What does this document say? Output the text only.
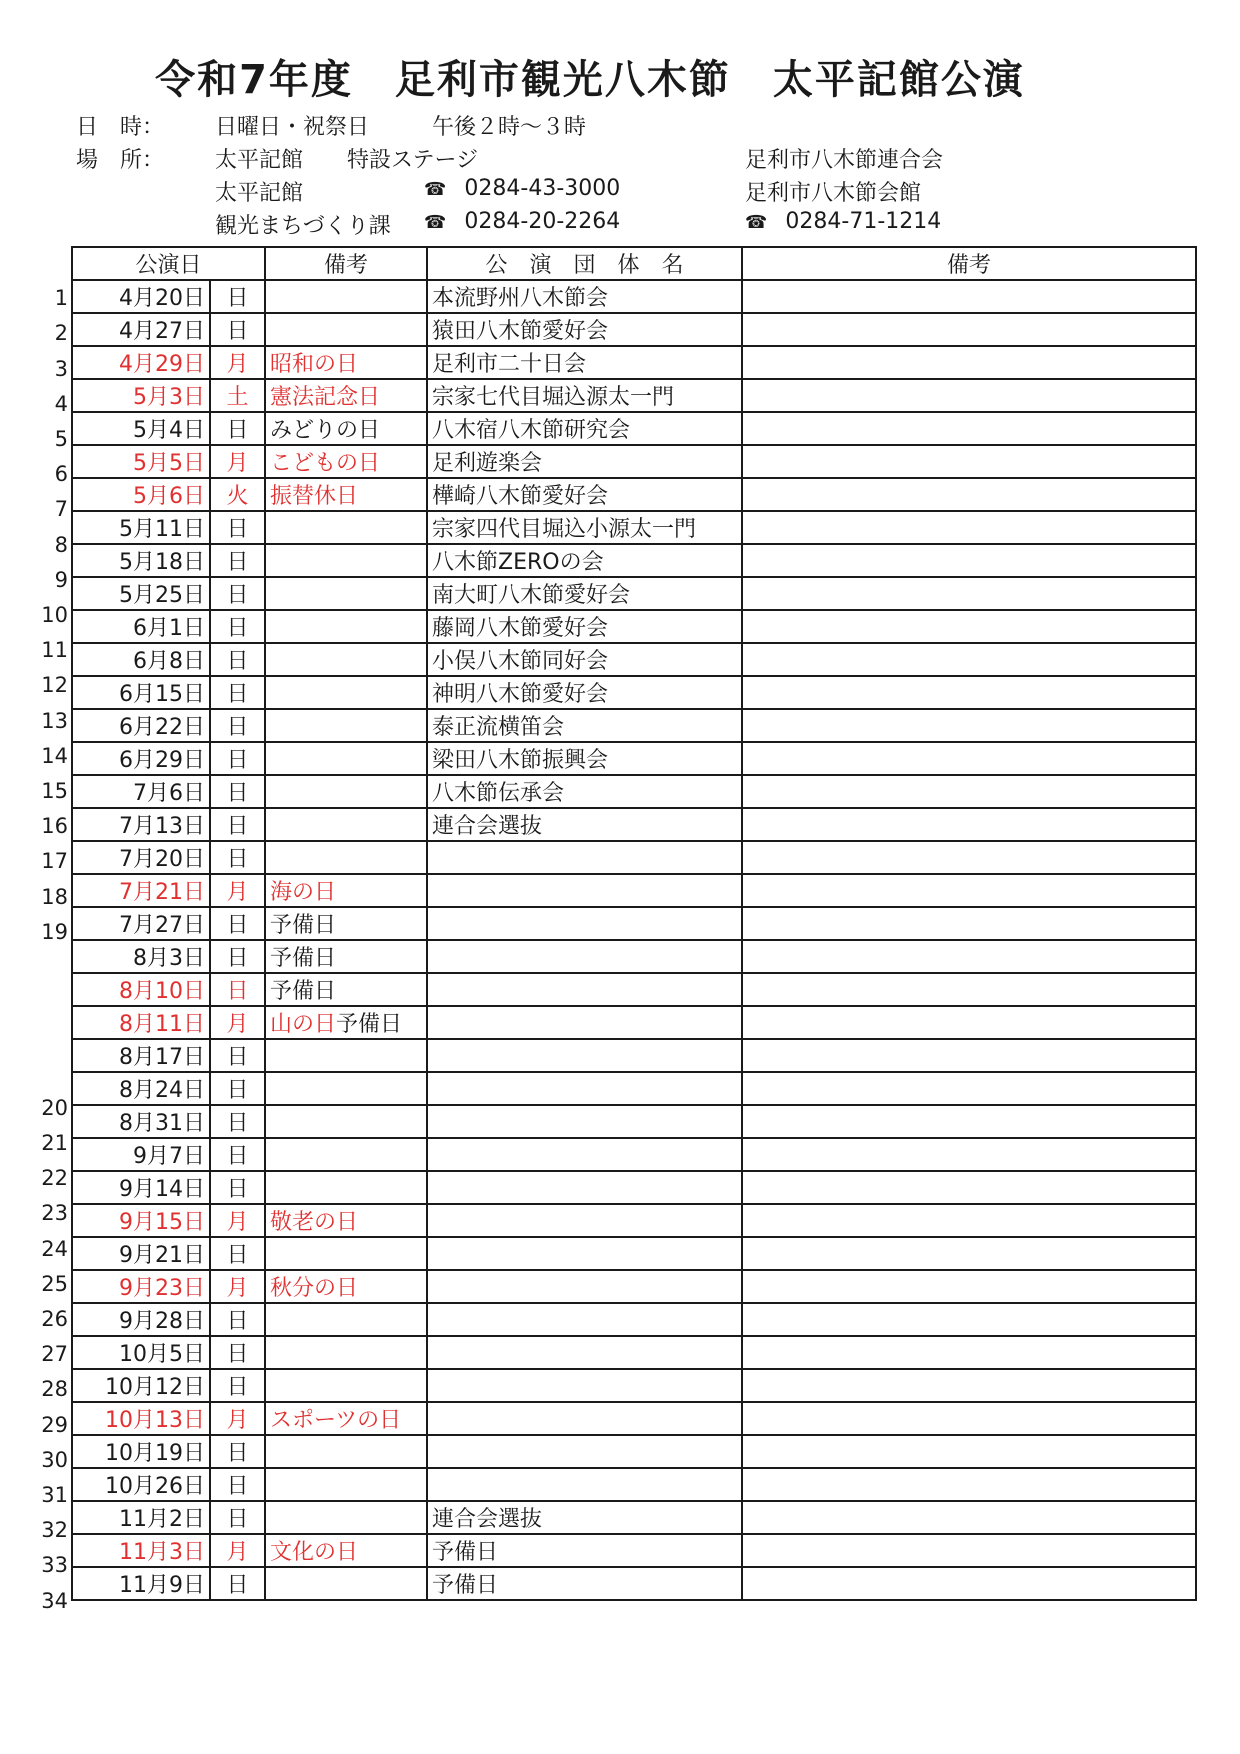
令和7年度　足利市観光八木節　太平記館公演
日　時： 日曜日・祝祭日	午後２時〜３時
場　所： 太平記館　　特設ステージ	足利市八木節連合会
太平記館	☎ 0284-43-3000	足利市八木節会館
観光まちづくり課 ☎ 0284-20-2264	☎ 0284-71-1214
1
2
3
4
5
6
7
8
9
10
11
12
13
14
15
16
17
18
19
20
21
22
23
24
25
26
27
28
29
30
31
32
33
34
公演日		備考	公　演　団　体　名	備考
4月20日	日		本流野州八木節会	
4月27日	日		猿田八木節愛好会	
4月29日	月	昭和の日	足利市二十日会	
5月3日	土	憲法記念日	宗家七代目堀込源太一門	
5月4日	日	みどりの日	八木宿八木節研究会	
5月5日	月	こどもの日	足利遊楽会	
5月6日	火	振替休日	樺崎八木節愛好会	
5月11日	日		宗家四代目堀込小源太一門	
5月18日	日		八木節ZEROの会	
5月25日	日		南大町八木節愛好会	
6月1日	日		藤岡八木節愛好会	
6月8日	日		小俣八木節同好会	
6月15日	日		神明八木節愛好会	
6月22日	日		泰正流横笛会	
6月29日	日		梁田八木節振興会	
7月6日	日		八木節伝承会	
7月13日	日		連合会選抜	
7月20日	日			
7月21日	月	海の日		
7月27日	日	予備日		
8月3日	日	予備日		
8月10日	日	予備日		
8月11日	月	山の日予備日		
8月17日	日			
8月24日	日			
8月31日	日			
9月7日	日			
9月14日	日			
9月15日	月	敬老の日		
9月21日	日			
9月23日	月	秋分の日		
9月28日	日			
10月5日	日			
10月12日	日			
10月13日	月	スポーツの日		
10月19日	日			
10月26日	日			
11月2日	日		連合会選抜	
11月3日	月	文化の日	予備日	
11月9日	日		予備日	
